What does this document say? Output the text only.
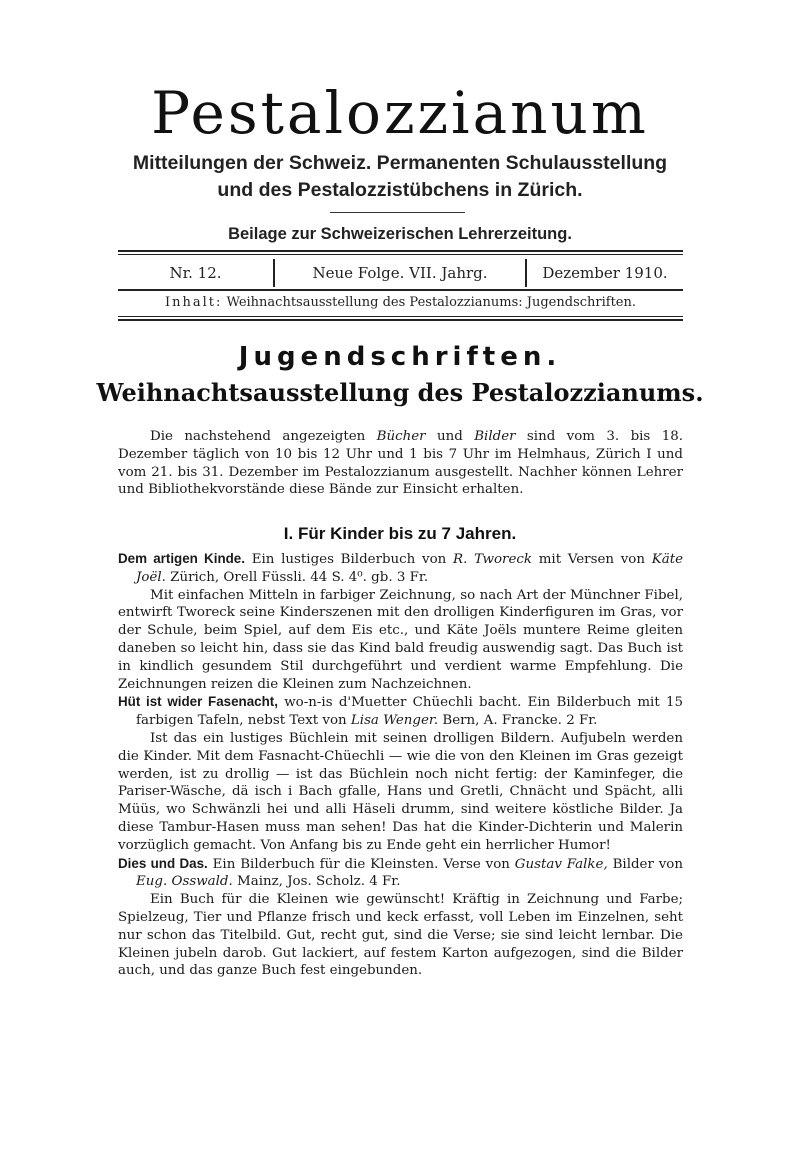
Pestalozzianum
Mitteilungen der Schweiz. Permanenten Schulausstellung
und des Pestalozzistübchens in Zürich.
Beilage zur Schweizerischen Lehrerzeitung.
Nr. 12.	Neue Folge. VII. Jahrg.	Dezember 1910.
Inhalt: Weihnachtsausstellung des Pestalozzianums: Jugendschriften.
Jugendschriften.
Weihnachtsausstellung des Pestalozzianums.

Die nachstehend angezeigten Bücher und Bilder sind vom 3. bis 18. Dezember täglich von 10 bis 12 Uhr und 1 bis 7 Uhr im Helmhaus, Zürich I und vom 21. bis 31. Dezember im Pestalozzianum ausgestellt. Nachher können Lehrer und Bibliothekvorstände diese Bände zur Einsicht erhalten.

I. Für Kinder bis zu 7 Jahren.

Dem artigen Kinde. Ein lustiges Bilderbuch von R. Tworeck mit Versen von Käte Joël. Zürich, Orell Füssli. 44 S. 4⁰. gb. 3 Fr.

Mit einfachen Mitteln in farbiger Zeichnung, so nach Art der Münchner Fibel, entwirft Tworeck seine Kinderszenen mit den drolligen Kinderfiguren im Gras, vor der Schule, beim Spiel, auf dem Eis etc., und Käte Joëls muntere Reime gleiten daneben so leicht hin, dass sie das Kind bald freudig auswendig sagt. Das Buch ist in kindlich gesundem Stil durchgeführt und verdient warme Empfehlung. Die Zeichnungen reizen die Kleinen zum Nachzeichnen.

Hüt ist wider Fasenacht, wo-n-is d'Muetter Chüechli bacht. Ein Bilderbuch mit 15 farbigen Tafeln, nebst Text von Lisa Wenger. Bern, A. Francke. 2 Fr.

Ist das ein lustiges Büchlein mit seinen drolligen Bildern. Aufjubeln werden die Kinder. Mit dem Fasnacht-Chüechli — wie die von den Kleinen im Gras gezeigt werden, ist zu drollig — ist das Büchlein noch nicht fertig: der Kaminfeger, die Pariser-Wäsche, dä isch i Bach gfalle, Hans und Gretli, Chnächt und Spächt, alli Müüs, wo Schwänzli hei und alli Häseli drumm, sind weitere köstliche Bilder. Ja diese Tambur-Hasen muss man sehen! Das hat die Kinder-Dichterin und Malerin vorzüglich gemacht. Von Anfang bis zu Ende geht ein herrlicher Humor!

Dies und Das. Ein Bilderbuch für die Kleinsten. Verse von Gustav Falke, Bilder von Eug. Osswald. Mainz, Jos. Scholz. 4 Fr.

Ein Buch für die Kleinen wie gewünscht! Kräftig in Zeichnung und Farbe; Spielzeug, Tier und Pflanze frisch und keck erfasst, voll Leben im Einzelnen, seht nur schon das Titelbild. Gut, recht gut, sind die Verse; sie sind leicht lernbar. Die Kleinen jubeln darob. Gut lackiert, auf festem Karton aufgezogen, sind die Bilder auch, und das ganze Buch fest eingebunden.
